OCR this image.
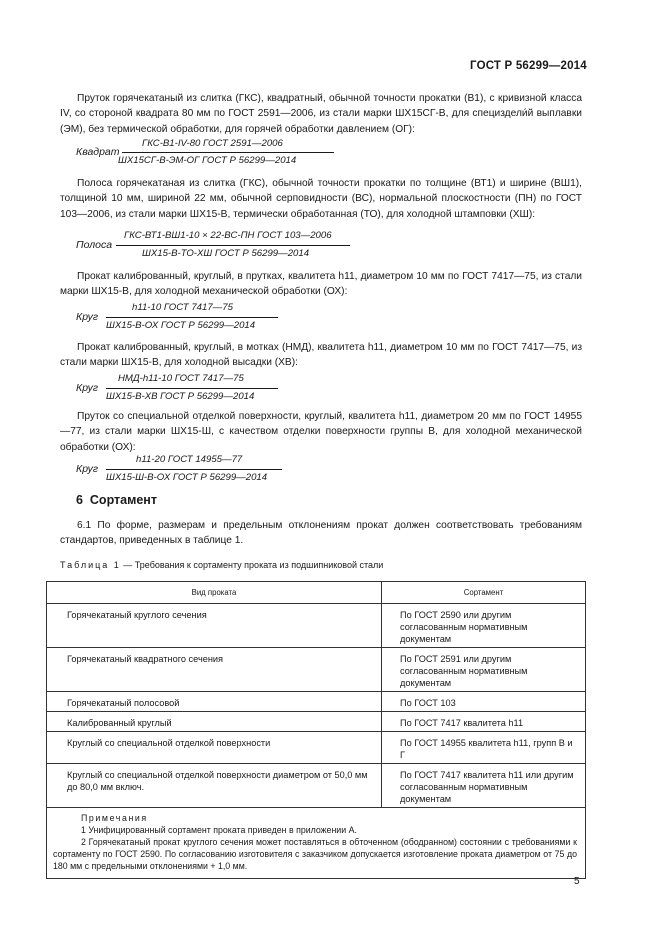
ГОСТ Р 56299—2014

Пруток горячекатаный из слитка (ГКС), квадратный, обычной точности прокатки (В1), с кривизной класса IV, со стороной квадрата 80 мм по ГОСТ 2591—2006, из стали марки ШХ15СГ-В, для специздели́й выплавки (ЭМ), без термической обработки, для горячей обработки давлением (ОГ):

Квадрат
ГКС-В1-IV-80 ГОСТ 2591—2006
ШХ15СГ-В-ЭМ-ОГ ГОСТ Р 56299—2014

Полоса горячекатаная из слитка (ГКС), обычной точности прокатки по толщине (ВТ1) и ширине (ВШ1), толщиной 10 мм, шириной 22 мм, обычной серповидности (ВС), нормальной плоскостности (ПН) по ГОСТ 103—2006, из стали марки ШХ15-В, термически обработанная (ТО), для холодной штамповки (ХШ):

Полоса
ГКС-ВТ1-ВШ1-10 × 22-ВС-ПН ГОСТ 103—2006
ШХ15-В-ТО-ХШ ГОСТ Р 56299—2014

Прокат калиброванный, круглый, в прутках, квалитета h11, диаметром 10 мм по ГОСТ 7417—75, из стали марки ШХ15-В, для холодной механической обработки (ОХ):

Круг
h11-10 ГОСТ 7417—75
ШХ15-В-ОХ ГОСТ Р 56299—2014

Прокат калиброванный, круглый, в мотках (НМД), квалитета h11, диаметром 10 мм по ГОСТ 7417—75, из стали марки ШХ15-В, для холодной высадки (ХВ):

Круг
НМД-h11-10 ГОСТ 7417—75
ШХ15-В-ХВ ГОСТ Р 56299—2014

Пруток со специальной отделкой поверхности, круглый, квалитета h11, диаметром 20 мм по ГОСТ 14955—77, из стали марки ШХ15-Ш, с качеством отделки поверхности группы В, для холодной механической обработки (ОХ):

Круг
h11-20 ГОСТ 14955—77
ШХ15-Ш-В-ОХ ГОСТ Р 56299—2014
6 Сортамент

6.1 По форме, размерам и предельным отклонениям прокат должен соответствовать требованиям стандартов, приведенных в таблице 1.

Таблица 1 — Требования к сортаменту проката из подшипниковой стали
Вид проката	Сортамент
Горячекатаный круглого сечения	По ГОСТ 2590 или другим согласованным нормативным документам
Горячекатаный квадратного сечения	По ГОСТ 2591 или другим согласованным нормативным документам
Горячекатаный полосовой	По ГОСТ 103
Калиброванный круглый	По ГОСТ 7417 квалитета h11
Круглый со специальной отделкой поверхности	По ГОСТ 14955 квалитета h11, групп В и Г
Круглый со специальной отделкой поверхности диаметром от 50,0 мм до 80,0 мм включ.	По ГОСТ 7417 квалитета h11 или другим согласованным нормативным документам

Примечания
1 Унифицированный сортамент проката приведен в приложении А.
2 Горячекатаный прокат круглого сечения может поставляться в обточенном (ободранном) состоянии с требованиями к сортаменту по ГОСТ 2590. По согласованию изготовителя с заказчиком допускается изготовление проката диаметром от 75 до 180 мм с предельными отклонениями + 1,0 мм.	
5
